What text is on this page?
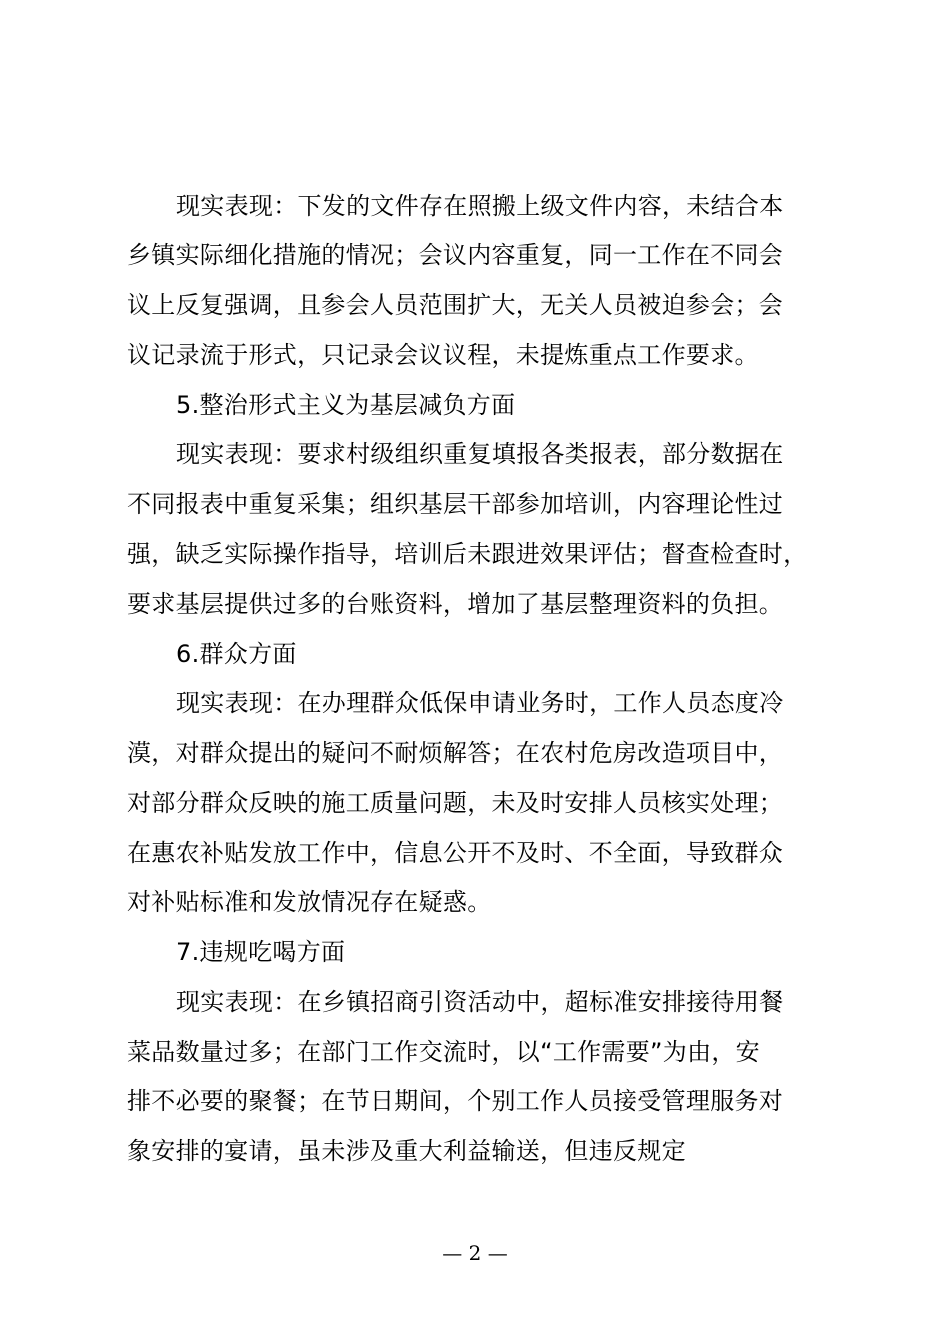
现实表现：下发的文件存在照搬上级文件内容，未结合本
乡镇实际细化措施的情况；会议内容重复，同一工作在不同会
议上反复强调，且参会人员范围扩大，无关人员被迫参会；会
议记录流于形式，只记录会议议程，未提炼重点工作要求。
5.整治形式主义为基层减负方面
现实表现：要求村级组织重复填报各类报表，部分数据在
不同报表中重复采集；组织基层干部参加培训，内容理论性过
强，缺乏实际操作指导，培训后未跟进效果评估；督查检查时，
要求基层提供过多的台账资料，增加了基层整理资料的负担。
6.群众方面
现实表现：在办理群众低保申请业务时，工作人员态度冷
漠，对群众提出的疑问不耐烦解答；在农村危房改造项目中，
对部分群众反映的施工质量问题，未及时安排人员核实处理；
在惠农补贴发放工作中，信息公开不及时、不全面，导致群众
对补贴标准和发放情况存在疑惑。
7.违规吃喝方面
现实表现：在乡镇招商引资活动中，超标准安排接待用餐
菜品数量过多；在部门工作交流时，以“工作需要”为由，安
排不必要的聚餐；在节日期间，个别工作人员接受管理服务对
象安排的宴请，虽未涉及重大利益输送，但违反规定
— 2 —
